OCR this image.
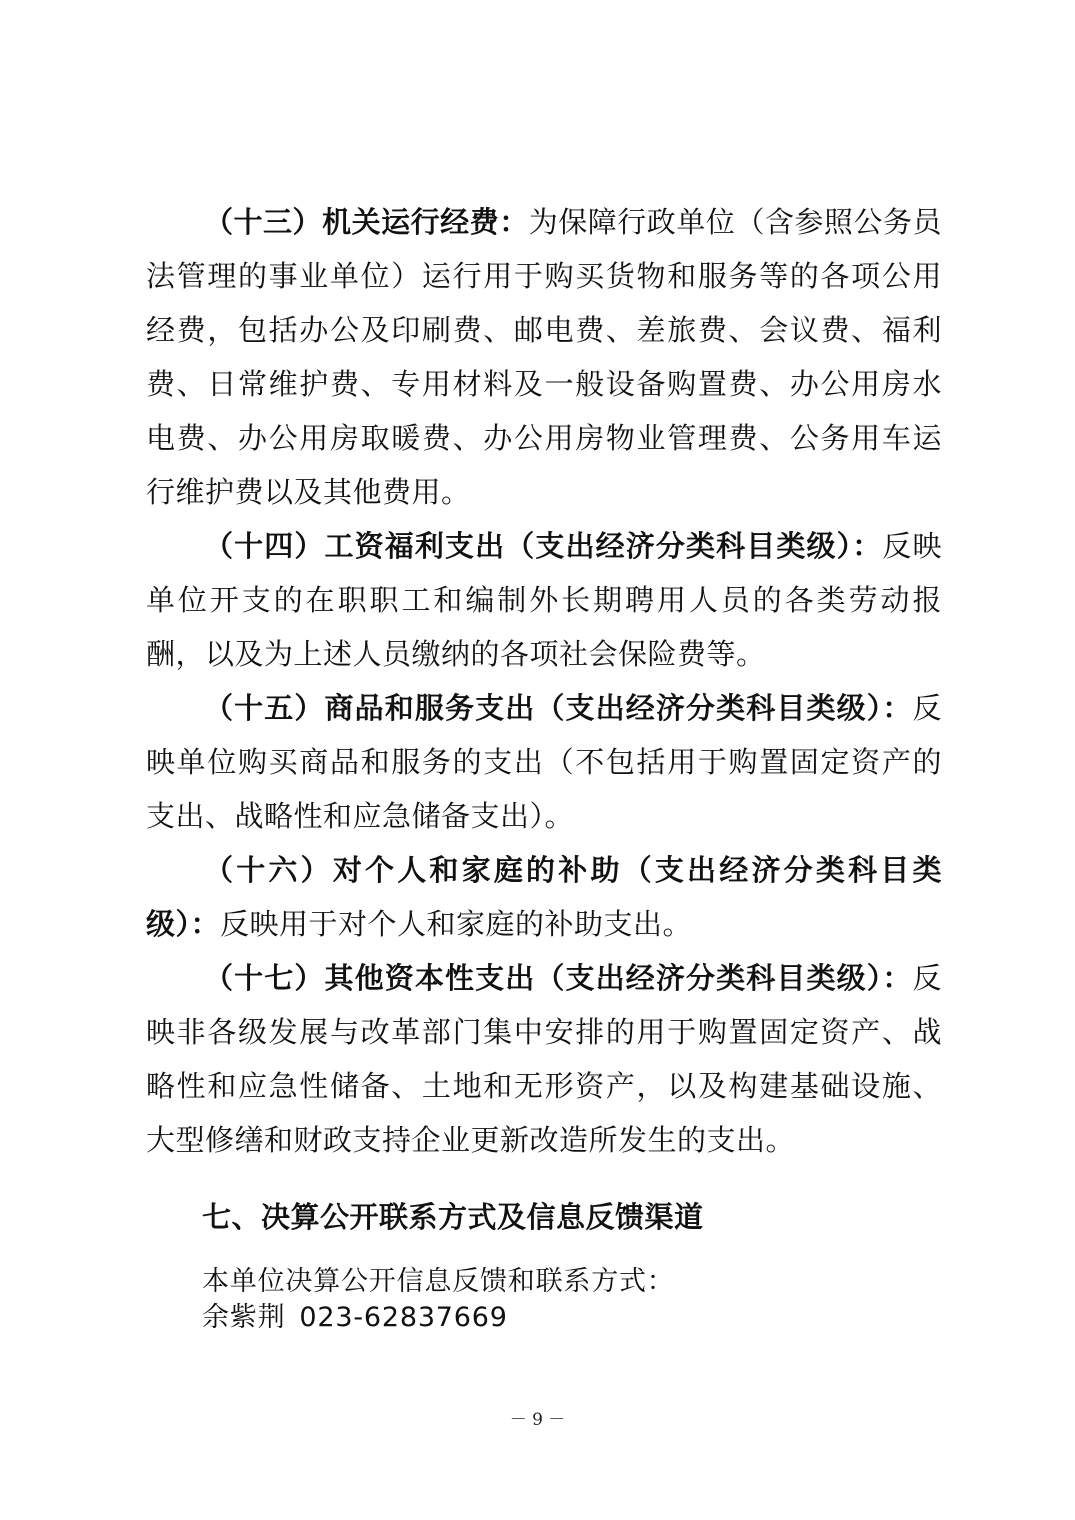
（十三）机关运行经费：为保障行政单位（含参照公务员法管理的事业单位）运行用于购买货物和服务等的各项公用经费，包括办公及印刷费、邮电费、差旅费、会议费、福利费、日常维护费、专用材料及一般设备购置费、办公用房水电费、办公用房取暖费、办公用房物业管理费、公务用车运行维护费以及其他费用。

（十四）工资福利支出（支出经济分类科目类级）：反映单位开支的在职职工和编制外长期聘用人员的各类劳动报酬，以及为上述人员缴纳的各项社会保险费等。

（十五）商品和服务支出（支出经济分类科目类级）：反映单位购买商品和服务的支出（不包括用于购置固定资产的支出、战略性和应急储备支出）。

（十六）对个人和家庭的补助（支出经济分类科目类级）：反映用于对个人和家庭的补助支出。

（十七）其他资本性支出（支出经济分类科目类级）：反映非各级发展与改革部门集中安排的用于购置固定资产、战略性和应急性储备、土地和无形资产，以及构建基础设施、大型修缮和财政支持企业更新改造所发生的支出。

七、决算公开联系方式及信息反馈渠道

本单位决算公开信息反馈和联系方式：

余紫荆 023-62837669

－ 9 －
